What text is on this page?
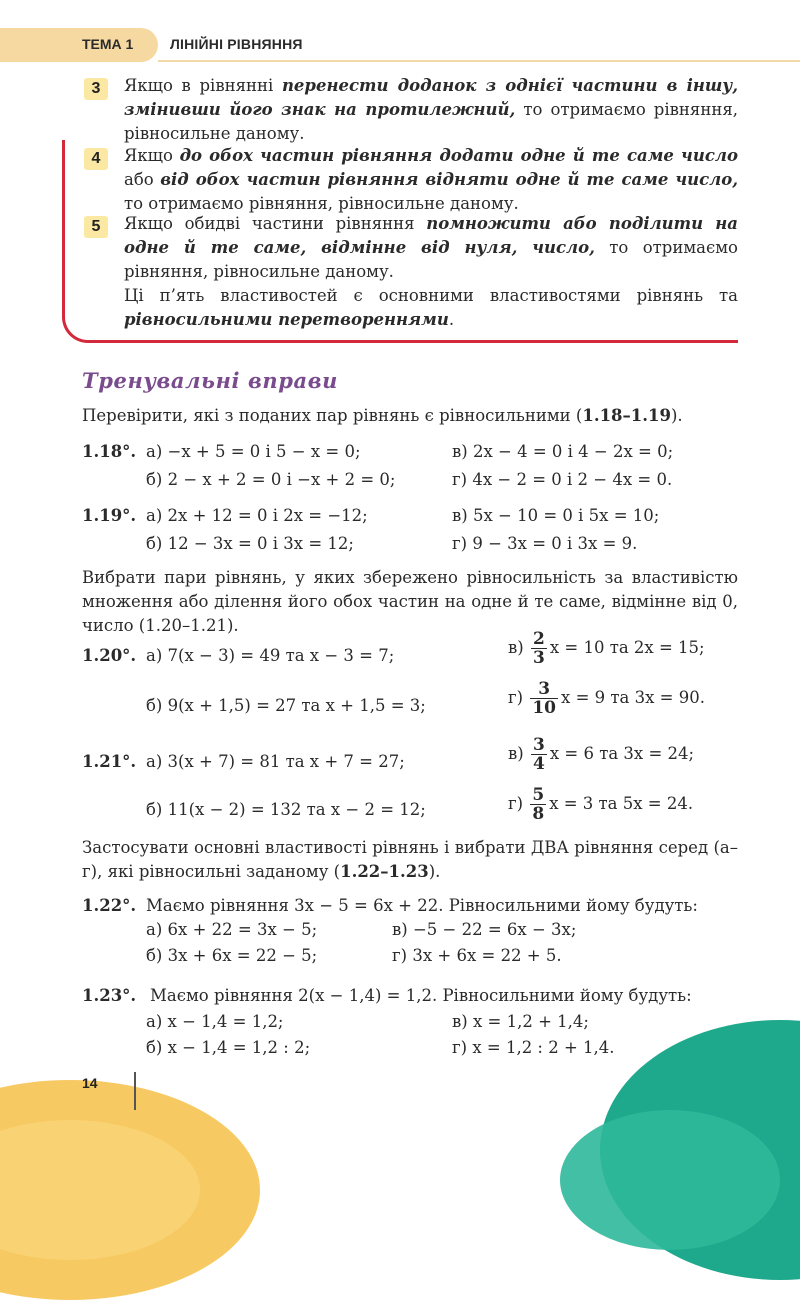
ТЕМА 1	ЛІНІЙНІ РІВНЯННЯ
3	Якщо в рівнянні перенести доданок з однієї частини в іншу, змінивши його знак на протилежний, то отримаємо рівняння, рівносильне даному.
4	Якщо до обох частин рівняння додати одне й те саме число або від обох частин рівняння відняти одне й те саме число, то отримаємо рівняння, рівносильне даному.
5	Якщо обидві частини рівняння помножити або поділити на одне й те саме, відмінне від нуля, число, то отримаємо рівняння, рівносильне даному.
Ці п’ять властивостей є основними властивостями рівнянь та рівносильними перетвореннями.
Тренувальні вправи
Перевірити, які з поданих пар рівнянь є рівносильними (1.18–1.19).
1.18°. а) −x + 5 = 0 і 5 − x = 0;	в) 2x − 4 = 0 і 4 − 2x = 0;
б) 2 − x + 2 = 0 і −x + 2 = 0;	г) 4x − 2 = 0 і 2 − 4x = 0.
1.19°. а) 2x + 12 = 0 і 2x = −12;	в) 5x − 10 = 0 і 5x = 10;
б) 12 − 3x = 0 і 3x = 12;	г) 9 − 3x = 0 і 3x = 9.
Вибрати пари рівнянь, у яких збережено рівносильність за властивістю множення або ділення його обох частин на одне й те саме, відмінне від 0, число (1.20–1.21).
1.20°. а) 7(x − 3) = 49 та x − 3 = 7;	$в) \frac{2}{3}$ x = 10 та 2x = 15;
б) 9(x + 1,5) = 27 та x + 1,5 = 3;	$г) \frac{3}{10}$ x = 9 та 3x = 90.
1.21°. а) 3(x + 7) = 81 та x + 7 = 27;	$в) \frac{3}{4}$ x = 6 та 3x = 24;
б) 11(x − 2) = 132 та x − 2 = 12;	$г) \frac{5}{8}$ x = 3 та 5x = 24.
Застосувати основні властивості рівнянь і вибрати ДВА рівняння серед (а–г), які рівносильні заданому (1.22–1.23).
1.22°. Маємо рівняння 3x − 5 = 6x + 22. Рівносильними йому будуть:
а) 6x + 22 = 3x − 5;	в) −5 − 22 = 6x − 3x;
б) 3x + 6x = 22 − 5;	г) 3x + 6x = 22 + 5.
1.23°. Маємо рівняння 2(x − 1,4) = 1,2. Рівносильними йому будуть:
а) x − 1,4 = 1,2;	в) x = 1,2 + 1,4;
б) x − 1,4 = 1,2 : 2;	г) x = 1,2 : 2 + 1,4.
14
